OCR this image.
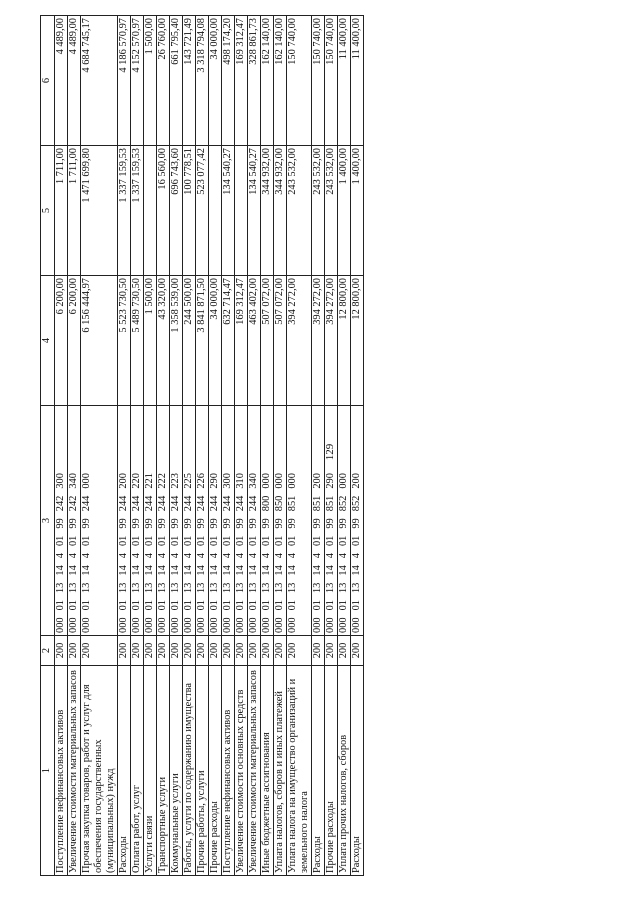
129
1	2	3	4	5	6
Поступление нефинансовых активов	200	00001131440199242300	6 200,00	1 711,00	4 489,00
Увеличение стоимости материальных запасов	200	00001131440199242340	6 200,00	1 711,00	4 489,00
Прочая закупка товаров, работ и услуг для обеспечения государственных (муниципальных) нужд	200	00001131440199244000	6 156 444,97	1 471 699,80	4 684 745,17
Расходы	200	00001131440199244200	5 523 730,50	1 337 159,53	4 186 570,97
Оплата работ, услуг	200	00001131440199244220	5 489 730,50	1 337 159,53	4 152 570,97
Услуги связи	200	00001131440199244221	1 500,00		1 500,00
Транспортные услуги	200	00001131440199244222	43 320,00	16 560,00	26 760,00
Коммунальные услуги	200	00001131440199244223	1 358 539,00	696 743,60	661 795,40
Работы, услуги по содержанию имущества	200	00001131440199244225	244 500,00	100 778,51	143 721,49
Прочие работы, услуги	200	00001131440199244226	3 841 871,50	523 077,42	3 318 794,08
Прочие расходы	200	00001131440199244290	34 000,00		34 000,00
Поступление нефинансовых активов	200	00001131440199244300	632 714,47	134 540,27	498 174,20
Увеличение стоимости основных средств	200	00001131440199244310	169 312,47		169 312,47
Увеличение стоимости материальных запасов	200	00001131440199244340	463 402,00	134 540,27	328 861,73
Иные бюджетные ассигнования	200	00001131440199800000	507 072,00	344 932,00	162 140,00
Уплата налогов, сборов и иных платежей	200	00001131440199850000	507 072,00	344 932,00	162 140,00
Уплата налога на имущество организаций и земельного налога	200	00001131440199851000	394 272,00	243 532,00	150 740,00
Расходы	200	00001131440199851200	394 272,00	243 532,00	150 740,00
Прочие расходы	200	00001131440199851290	394 272,00	243 532,00	150 740,00
Уплата прочих налогов, сборов	200	00001131440199852000	12 800,00	1 400,00	11 400,00
Расходы	200	00001131440199852200	12 800,00	1 400,00	11 400,00
